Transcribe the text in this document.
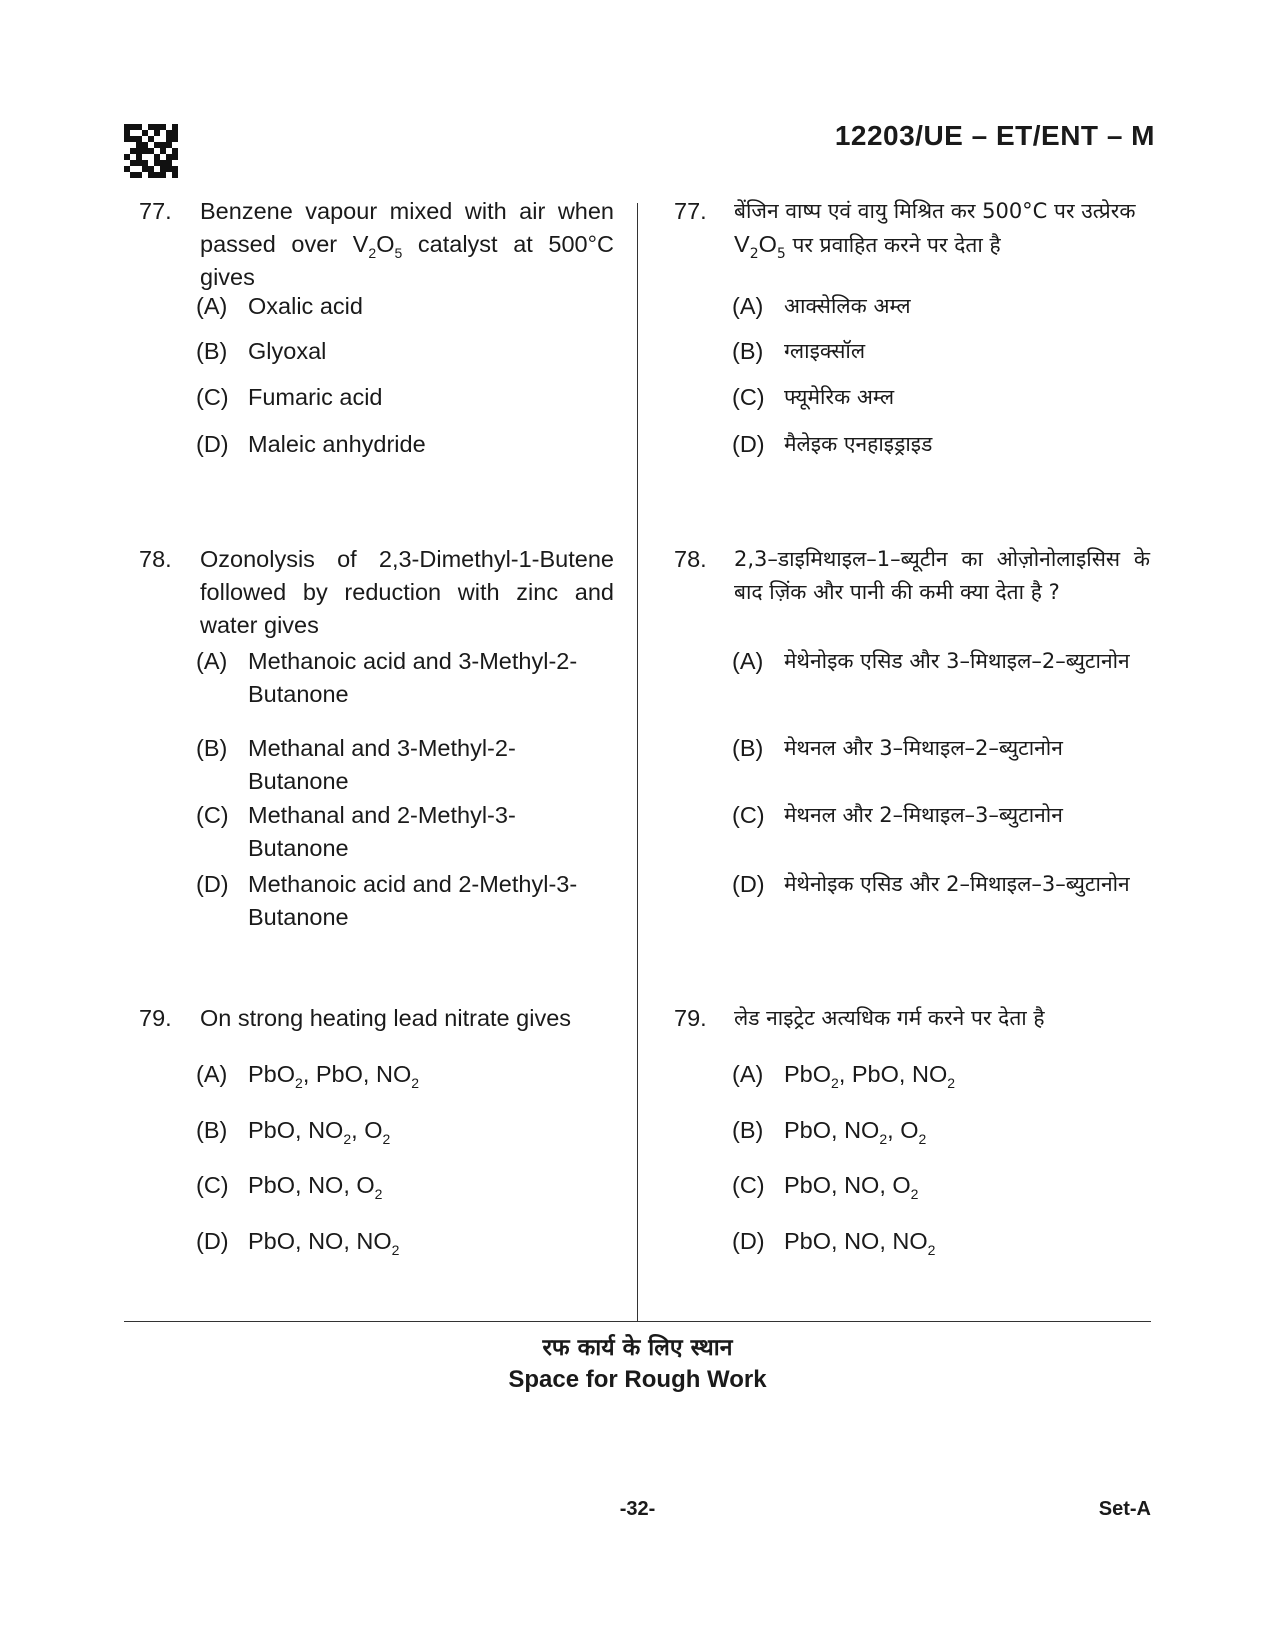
12203/UE – ET/ENT – M
77. Benzene vapour mixed with air when passed over $V_2O_5$ catalyst at 500°C gives
(A) Oxalic acid
(B) Glyoxal
(C) Fumaric acid
(D) Maleic anhydride
78. Ozonolysis of 2,3-Dimethyl-1-Butene followed by reduction with zinc and water gives
(A) Methanoic acid and 3-Methyl-2-Butanone
(B) Methanal and 3-Methyl-2-Butanone
(C) Methanal and 2-Methyl-3-Butanone
(D) Methanoic acid and 2-Methyl-3-Butanone
79. On strong heating lead nitrate gives
(A) PbO$_2$, PbO, $NO_2$
(B) PbO, $NO_2$, $O_2$
(C) PbO, NO, $O_2$
(D) PbO, NO, $NO_2$
77. बेंजिन वाष्प एवं वायु मिश्रित कर 500°C पर उत्प्रेरक
$V_2O_5$ पर प्रवाहित करने पर देता है
(A) आक्सेलिक अम्ल
(B) ग्लाइक्सॉल
(C) फ्यूमेरिक अम्ल
(D) मैलेइक एनहाइड्राइड
78. 2,3–डाइमिथाइल–1–ब्यूटीन का ओज़ोनोलाइसिस के बाद ज़िंक और पानी की कमी क्या देता है ?
(A) मेथेनोइक एसिड और 3–मिथाइल–2–ब्युटानोन
(B) मेथनल और 3–मिथाइल–2–ब्युटानोन
(C) मेथनल और 2–मिथाइल–3–ब्युटानोन
(D) मेथेनोइक एसिड और 2–मिथाइल–3–ब्युटानोन
79. लेड नाइट्रेट अत्यधिक गर्म करने पर देता है
(A) PbO$_2$, PbO, $NO_2$
(B) PbO, $NO_2$, $O_2$
(C) PbO, NO, $O_2$
(D) PbO, NO, $NO_2$
रफ कार्य के लिए स्थान
Space for Rough Work
-32-	Set-A
